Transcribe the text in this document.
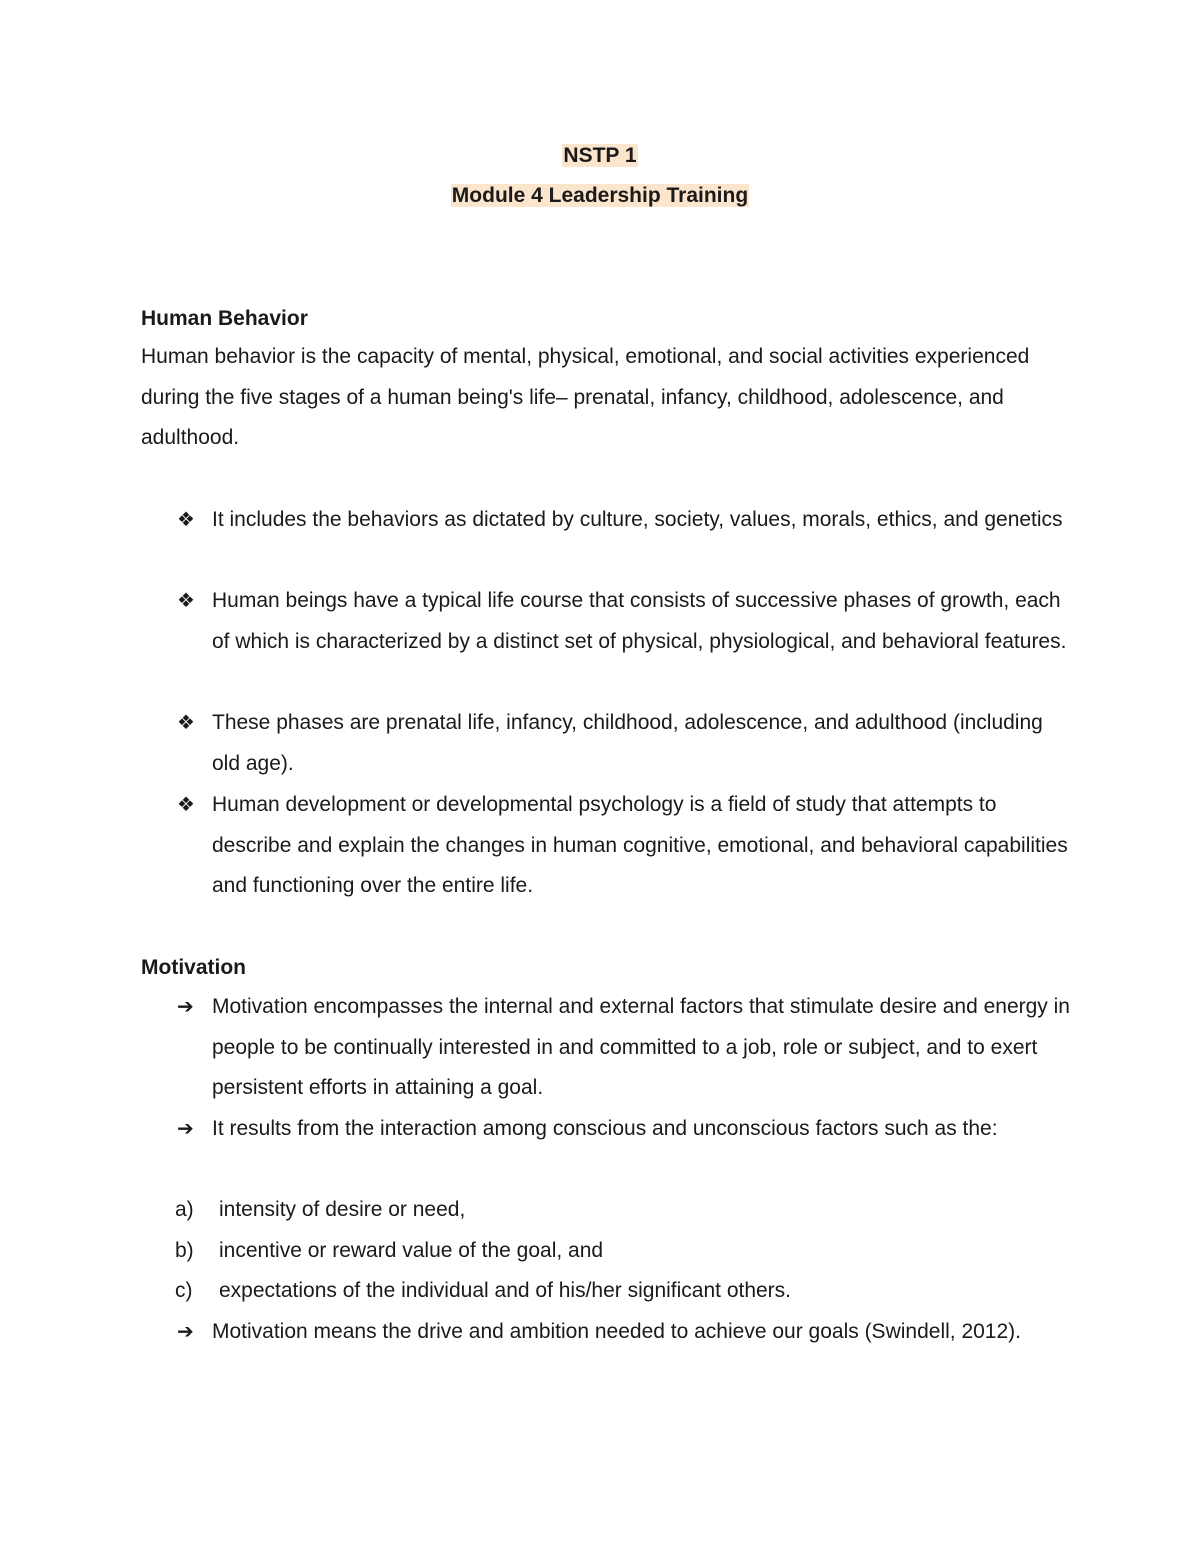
NSTP 1
Module 4 Leadership Training
Human Behavior
Human behavior is the capacity of mental, physical, emotional, and social activities experienced during the five stages of a human being's life– prenatal, infancy, childhood, adolescence, and adulthood.
❖ It includes the behaviors as dictated by culture, society, values, morals, ethics, and genetics
❖ Human beings have a typical life course that consists of successive phases of growth, each of which is characterized by a distinct set of physical, physiological, and behavioral features.
❖ These phases are prenatal life, infancy, childhood, adolescence, and adulthood (including old age).
❖ Human development or developmental psychology is a field of study that attempts to describe and explain the changes in human cognitive, emotional, and behavioral capabilities and functioning over the entire life.
Motivation
➔ Motivation encompasses the internal and external factors that stimulate desire and energy in people to be continually interested in and committed to a job, role or subject, and to exert persistent efforts in attaining a goal.
➔ It results from the interaction among conscious and unconscious factors such as the:
a) intensity of desire or need,
b) incentive or reward value of the goal, and
c) expectations of the individual and of his/her significant others.
➔ Motivation means the drive and ambition needed to achieve our goals (Swindell, 2012).
